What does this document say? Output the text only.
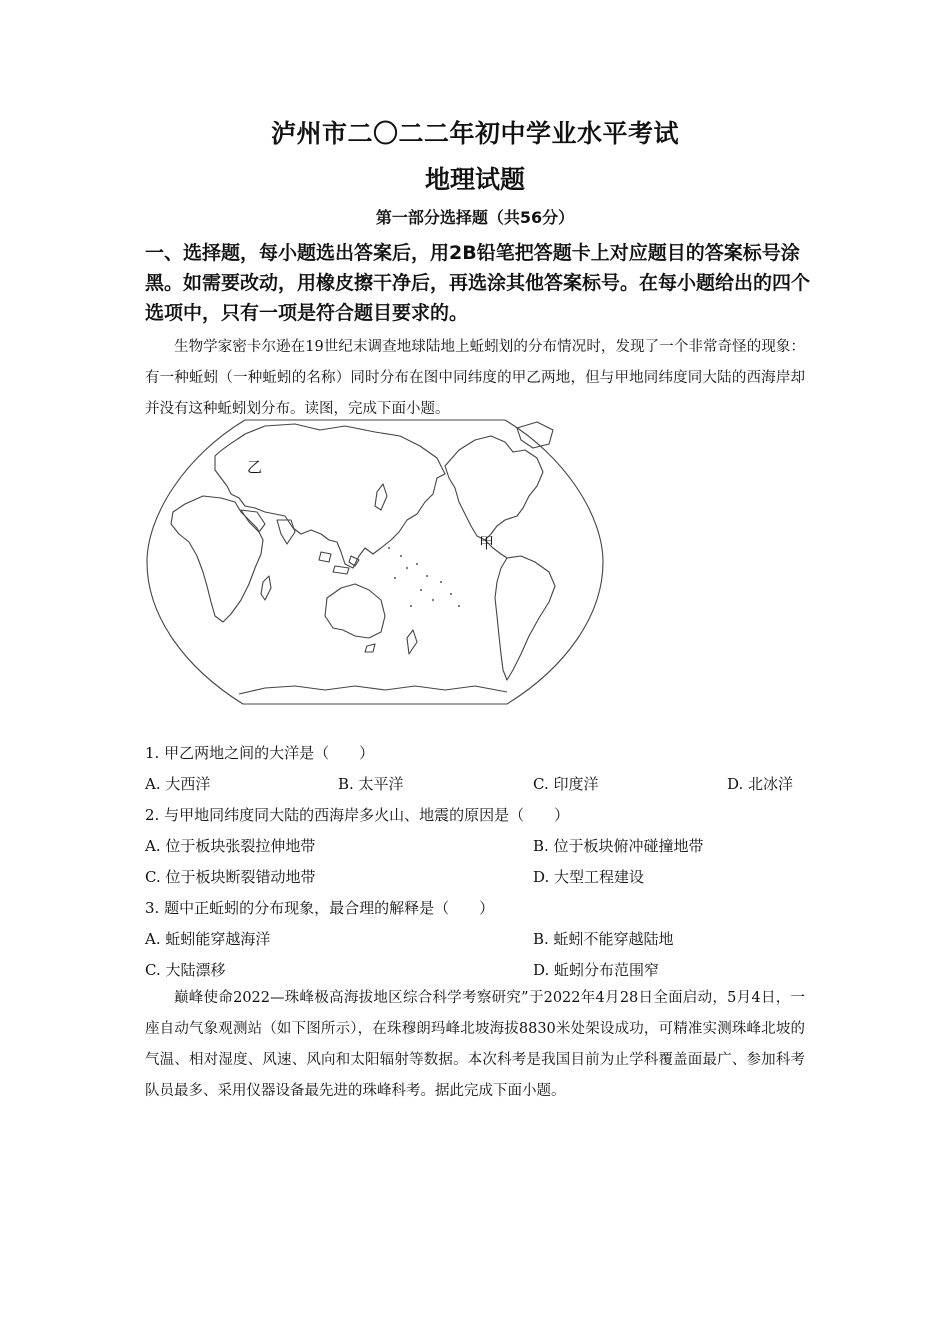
泸州市二〇二二年初中学业水平考试
地理试题
第一部分选择题（共56分）
一、选择题，每小题选出答案后，用2B铅笔把答题卡上对应题目的答案标号涂黑。如需要改动，用橡皮擦干净后，再选涂其他答案标号。在每小题给出的四个选项中，只有一项是符合题目要求的。
生物学家密卡尔逊在19世纪末调查地球陆地上蚯蚓划的分布情况时，发现了一个非常奇怪的现象：有一种蚯蚓（一种蚯蚓的名称）同时分布在图中同纬度的甲乙两地，但与甲地同纬度同大陆的西海岸却并没有这种蚯蚓划分布。读图，完成下面小题。
乙
甲
1. 甲乙两地之间的大洋是（　　）
A. 大西洋	B. 太平洋	C. 印度洋	D. 北冰洋
2. 与甲地同纬度同大陆的西海岸多火山、地震的原因是（　　）
A. 位于板块张裂拉伸地带	B. 位于板块俯冲碰撞地带
C. 位于板块断裂错动地带	D. 大型工程建设
3. 题中正蚯蚓的分布现象，最合理的解释是（　　）
A. 蚯蚓能穿越海洋	B. 蚯蚓不能穿越陆地
C. 大陆漂移	D. 蚯蚓分布范围窄
巅峰使命2022—珠峰极高海拔地区综合科学考察研究”于2022年4月28日全面启动，5月4日，一座自动气象观测站（如下图所示），在珠穆朗玛峰北坡海拔8830米处架设成功，可精准实测珠峰北坡的气温、相对湿度、风速、风向和太阳辐射等数据。本次科考是我国目前为止学科覆盖面最广、参加科考队员最多、采用仪器设备最先进的珠峰科考。据此完成下面小题。
